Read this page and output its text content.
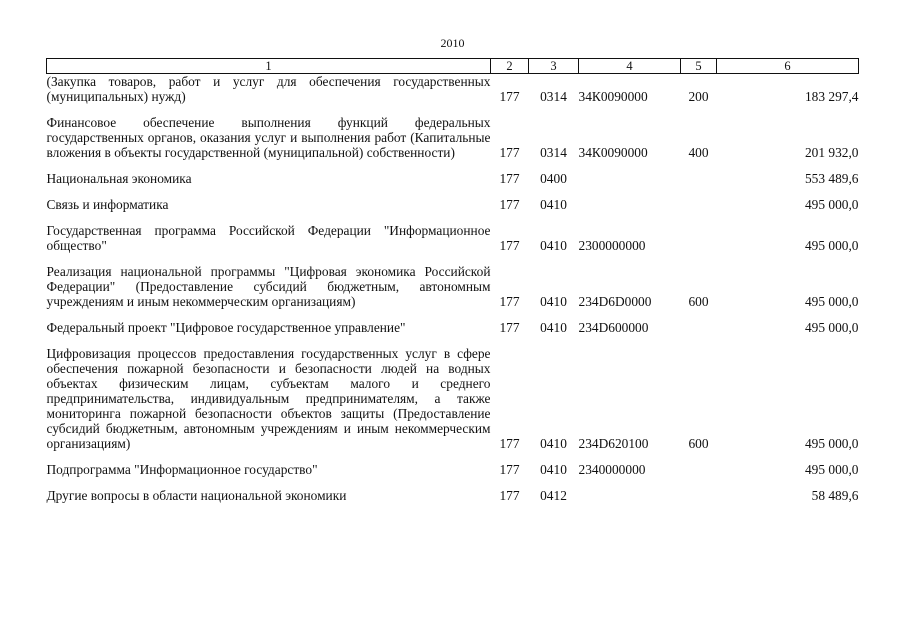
2010
1	2	3	4	5	6
(Закупка товаров, работ и услуг для обеспечения государственных (муниципальных) нужд)	177	0314	34К0090000	200	183 297,4

Финансовое обеспечение выполнения функций федеральных государственных органов, оказания услуг и выполнения работ (Капитальные вложения в объекты государственной (муниципальной) собственности)	177	0314	34К0090000	400	201 932,0

Национальная экономика	177	0400			553 489,6

Связь и информатика	177	0410			495 000,0

Государственная программа Российской Федерации "Информационное общество"	177	0410	2300000000		495 000,0

Реализация национальной программы "Цифровая экономика Российской Федерации" (Предоставление субсидий бюджетным, автономным учреждениям и иным некоммерческим организациям)	177	0410	234D6D0000	600	495 000,0

Федеральный проект "Цифровое государственное управление"	177	0410	234D600000		495 000,0

Цифровизация процессов предоставления государственных услуг в сфере обеспечения пожарной безопасности и безопасности людей на водных объектах физическим лицам, субъектам малого и среднего предпринимательства, индивидуальным предпринимателям, а также мониторинга пожарной безопасности объектов защиты (Предоставление субсидий бюджетным, автономным учреждениям и иным некоммерческим организациям)	177	0410	234D620100	600	495 000,0

Подпрограмма "Информационное государство"	177	0410	2340000000		495 000,0

Другие вопросы в области национальной экономики	177	0412			58 489,6
